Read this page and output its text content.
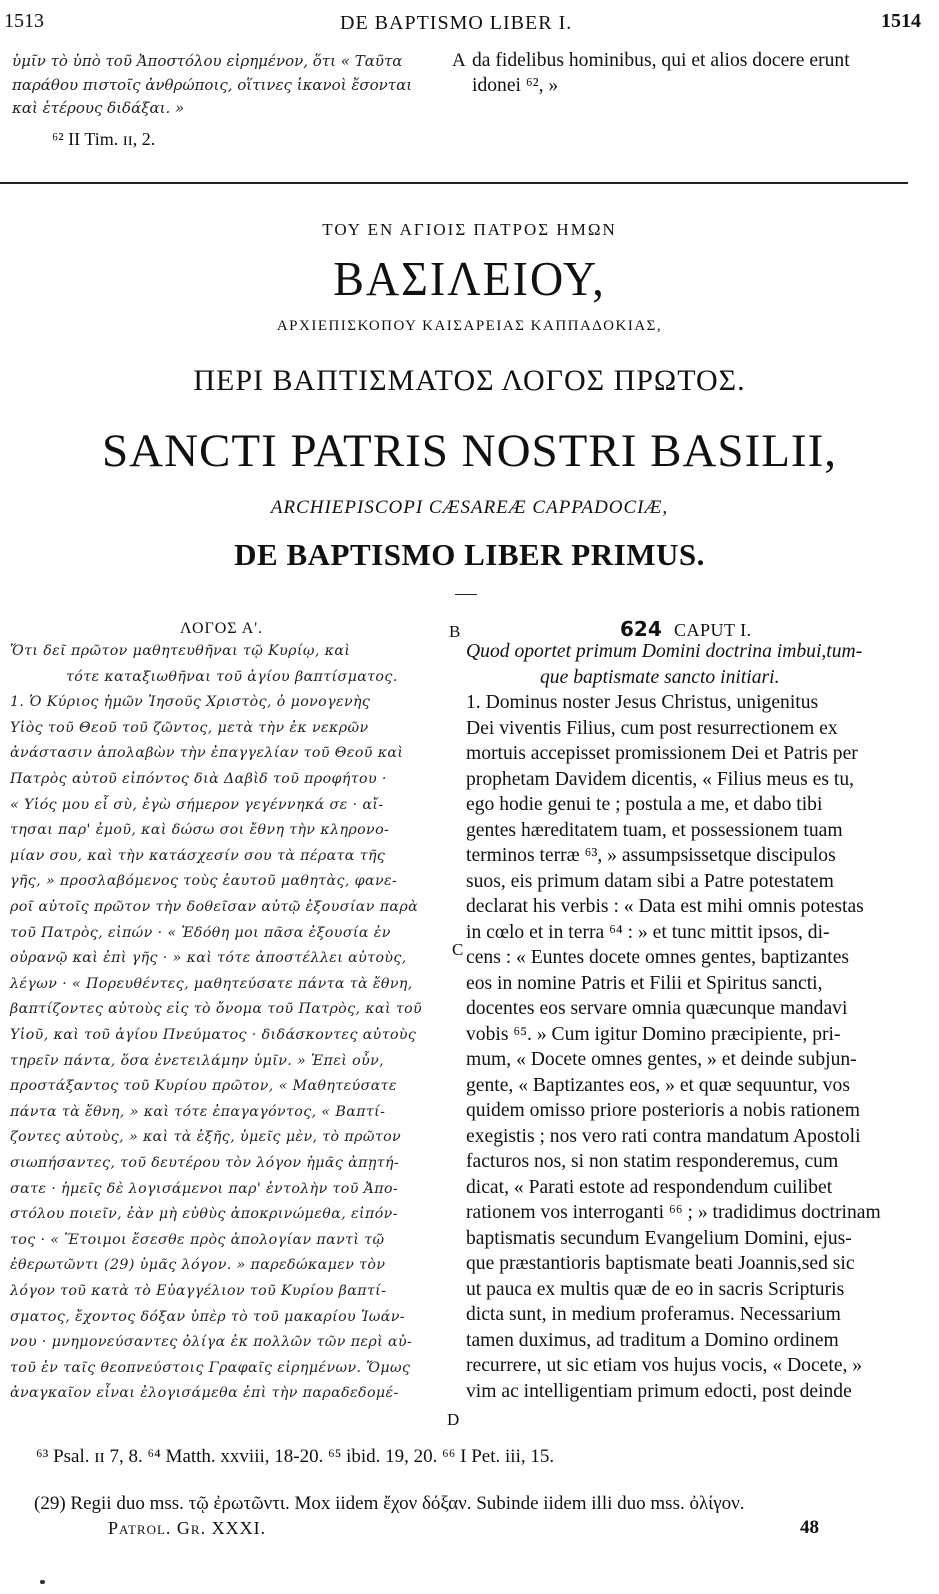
1513	DE BAPTISMO LIBER I.	1514
ὑμῖν τὸ ὑπὸ τοῦ Ἀποστόλου εἰρημένον, ὅτι « Ταῦτα
παράθου πιστοῖς ἀνθρώποις, οἵτινες ἱκανοὶ ἔσονται
καὶ ἑτέρους διδάξαι. »
A da fidelibus hominibus, qui et alios docere erunt
idonei ⁶², »
⁶² II Tim. ɪɪ, 2.
ΤΟΥ ΕΝ ΑΓΙΟΙΣ ΠΑΤΡΟΣ ΗΜΩΝ
ΒΑΣΙΛΕΙΟΥ,
ΑΡΧΙΕΠΙΣΚΟΠΟΥ ΚΑΙΣΑΡΕΙΑΣ ΚΑΠΠΑΔΟΚΙΑΣ,
ΠΕΡΙ ΒΑΠΤΙΣΜΑΤΟΣ ΛΟΓΟΣ ΠΡΩΤΟΣ.
SANCTI PATRIS NOSTRI BASILII,
ARCHIEPISCOPI CÆSAREÆ CAPPADOCIÆ,
DE BAPTISMO LIBER PRIMUS.
ΛΟΓΟΣ Α'.
Ὅτι δεῖ πρῶτον μαθητευθῆναι τῷ Κυρίῳ, καὶ
τότε καταξιωθῆναι τοῦ ἁγίου βαπτίσματος.
1. Ὁ Κύριος ἡμῶν Ἰησοῦς Χριστὸς, ὁ μονογενὴς
Υἱὸς τοῦ Θεοῦ τοῦ ζῶντος, μετὰ τὴν ἐκ νεκρῶν
ἀνάστασιν ἀπολαβὼν τὴν ἐπαγγελίαν τοῦ Θεοῦ καὶ
Πατρὸς αὐτοῦ εἰπόντος διὰ Δαβὶδ τοῦ προφήτου ·
« Υἱός μου εἶ σὺ, ἐγὼ σήμερον γεγέννηκά σε · αἴ-
τησαι παρ' ἐμοῦ, καὶ δώσω σοι ἔθνη τὴν κληρονο-
μίαν σου, καὶ τὴν κατάσχεσίν σου τὰ πέρατα τῆς
γῆς, » προσλαβόμενος τοὺς ἑαυτοῦ μαθητὰς, φανε-
ροῖ αὐτοῖς πρῶτον τὴν δοθεῖσαν αὐτῷ ἐξουσίαν παρὰ
τοῦ Πατρὸς, εἰπών · « Ἐδόθη μοι πᾶσα ἐξουσία ἐν
οὐρανῷ καὶ ἐπὶ γῆς · » καὶ τότε ἀποστέλλει αὐτοὺς,
λέγων · « Πορευθέντες, μαθητεύσατε πάντα τὰ ἔθνη,
βαπτίζοντες αὐτοὺς εἰς τὸ ὄνομα τοῦ Πατρὸς, καὶ τοῦ
Υἱοῦ, καὶ τοῦ ἁγίου Πνεύματος · διδάσκοντες αὐτοὺς
τηρεῖν πάντα, ὅσα ἐνετειλάμην ὑμῖν. » Ἐπεὶ οὖν,
προστάξαντος τοῦ Κυρίου πρῶτον, « Μαθητεύσατε
πάντα τὰ ἔθνη, » καὶ τότε ἐπαγαγόντος, « Βαπτί-
ζοντες αὐτοὺς, » καὶ τὰ ἑξῆς, ὑμεῖς μὲν, τὸ πρῶτον
σιωπήσαντες, τοῦ δευτέρου τὸν λόγον ἡμᾶς ἀπῃτή-
σατε · ἡμεῖς δὲ λογισάμενοι παρ' ἐντολὴν τοῦ Ἀπο-
στόλου ποιεῖν, ἐὰν μὴ εὐθὺς ἀποκρινώμεθα, εἰπόν-
τος · « Ἕτοιμοι ἔσεσθε πρὸς ἀπολογίαν παντὶ τῷ
ἐθερωτῶντι (29) ὑμᾶς λόγον. » παρεδώκαμεν τὸν
λόγον τοῦ κατὰ τὸ Εὐαγγέλιον τοῦ Κυρίου βαπτί-
σματος, ἔχοντος δόξαν ὑπὲρ τὸ τοῦ μακαρίου Ἰωάν-
νου · μνημονεύσαντες ὀλίγα ἐκ πολλῶν τῶν περὶ αὐ-
τοῦ ἐν ταῖς θεοπνεύστοις Γραφαῖς εἰρημένων. Ὅμως
ἀναγκαῖον εἶναι ἐλογισάμεθα ἐπὶ τὴν παραδεδομέ-
B
C
D
624 CAPUT I.
Quod oportet primum Domini doctrina imbui,tum-
que baptismate sancto initiari.
1. Dominus noster Jesus Christus, unigenitus
Dei viventis Filius, cum post resurrectionem ex
mortuis accepisset promissionem Dei et Patris per
prophetam Davidem dicentis, « Filius meus es tu,
ego hodie genui te ; postula a me, et dabo tibi
gentes hæreditatem tuam, et possessionem tuam
terminos terræ ⁶³, » assumpsissetque discipulos
suos, eis primum datam sibi a Patre potestatem
declarat his verbis : « Data est mihi omnis potestas
in cœlo et in terra ⁶⁴ : » et tunc mittit ipsos, di-
cens : « Euntes docete omnes gentes, baptizantes
eos in nomine Patris et Filii et Spiritus sancti,
docentes eos servare omnia quæcunque mandavi
vobis ⁶⁵. » Cum igitur Domino præcipiente, pri-
mum, « Docete omnes gentes, » et deinde subjun-
gente, « Baptizantes eos, » et quæ sequuntur, vos
quidem omisso priore posterioris a nobis rationem
exegistis ; nos vero rati contra mandatum Apostoli
facturos nos, si non statim responderemus, cum
dicat, « Parati estote ad respondendum cuilibet
rationem vos interroganti ⁶⁶ ; » tradidimus doctrinam
baptismatis secundum Evangelium Domini, ejus-
que præstantioris baptismate beati Joannis,sed sic
ut pauca ex multis quæ de eo in sacris Scripturis
dicta sunt, in medium proferamus. Necessarium
tamen duximus, ad traditum a Domino ordinem
recurrere, ut sic etiam vos hujus vocis, « Docete, »
vim ac intelligentiam primum edocti, post deinde
⁶³ Psal. ɪɪ 7, 8. ⁶⁴ Matth. xxviii, 18-20. ⁶⁵ ibid. 19, 20. ⁶⁶ I Pet. iii, 15.
(29) Regii duo mss. τῷ ἐρωτῶντι. Mox iidem ἔχον δόξαν. Subinde iidem illi duo mss. ὀλίγον.
Patrol. Gr. XXXI.	48
